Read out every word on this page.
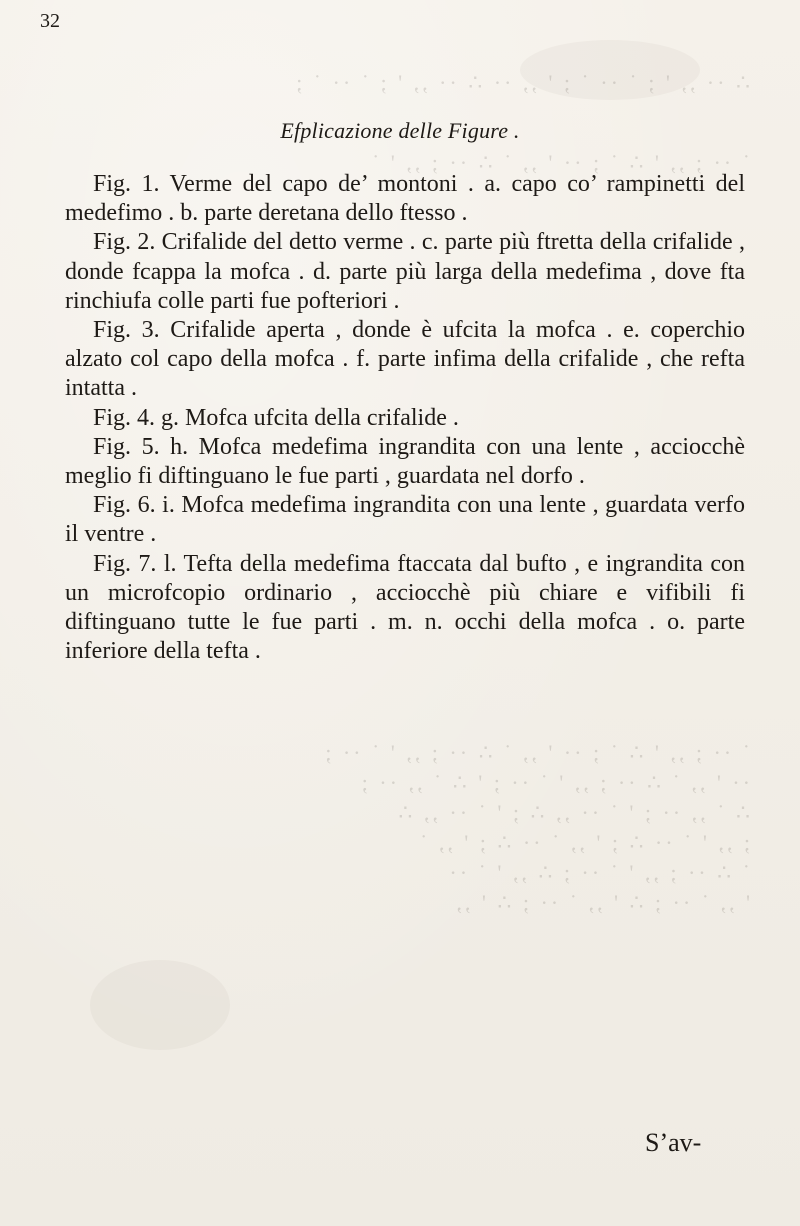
32
∴ ·· ,, ' ; ˙ ·· ˙ ; ' ,, ·· ∴ ·· ,, ' ; ˙ ·· ˙ ;
˙ ·· ; ,, ' ∴ ˙ ; ·· ' ,, ˙ ∴ ·· ; ,, ' ˙
Efplicazione delle Figure .

Fig. 1. Verme del capo de’ montoni . a. capo co’ rampinetti del medefimo . b. parte deretana dello ftesso .

Fig. 2. Crifalide del detto verme . c. parte più ftretta della crifalide , donde fcappa la mofca . d. parte più larga della medefima , dove fta rinchiufa colle parti fue pofteriori .

Fig. 3. Crifalide aperta , donde è ufcita la mofca . e. coperchio alzato col capo della mofca . f. parte infima della crifalide , che refta intatta .

Fig. 4. g. Mofca ufcita della crifalide .

Fig. 5. h. Mofca medefima ingrandita con una lente , acciocchè meglio fi diftinguano le fue parti , guardata nel dorfo .

Fig. 6. i. Mofca medefima ingrandita con una lente , guardata verfo il ventre .

Fig. 7. l. Tefta della medefima ftaccata dal bufto , e ingrandita con un microfcopio ordinario , acciocchè più chiare e vifibili fi diftinguano tutte le fue parti . m. n. occhi della mofca . o. parte inferiore della tefta .

˙ ·· ; ,, ' ∴ ˙ ; ·· ' ,, ˙ ∴ ·· ; ,, ' ˙ ·· ;
·· ' ,, ˙ ∴ ·· ; ,, ' ˙ ·· ; ' ∴ ˙ ,, ·· ;
∴ ˙ ,, ·· ; ' ˙ ·· ,, ∴ ; ' ˙ ·· ,, ∴
; ,, ' ˙ ·· ∴ ; ' ,, ˙ ·· ∴ ; ' ,, ˙
˙ ∴ ·· ; ,, ' ˙ ·· ; ∴ ,, ' ˙ ··
' ,, ˙ ·· ; ∴ ' ,, ˙ ·· ; ∴ ' ,,
S’av-
